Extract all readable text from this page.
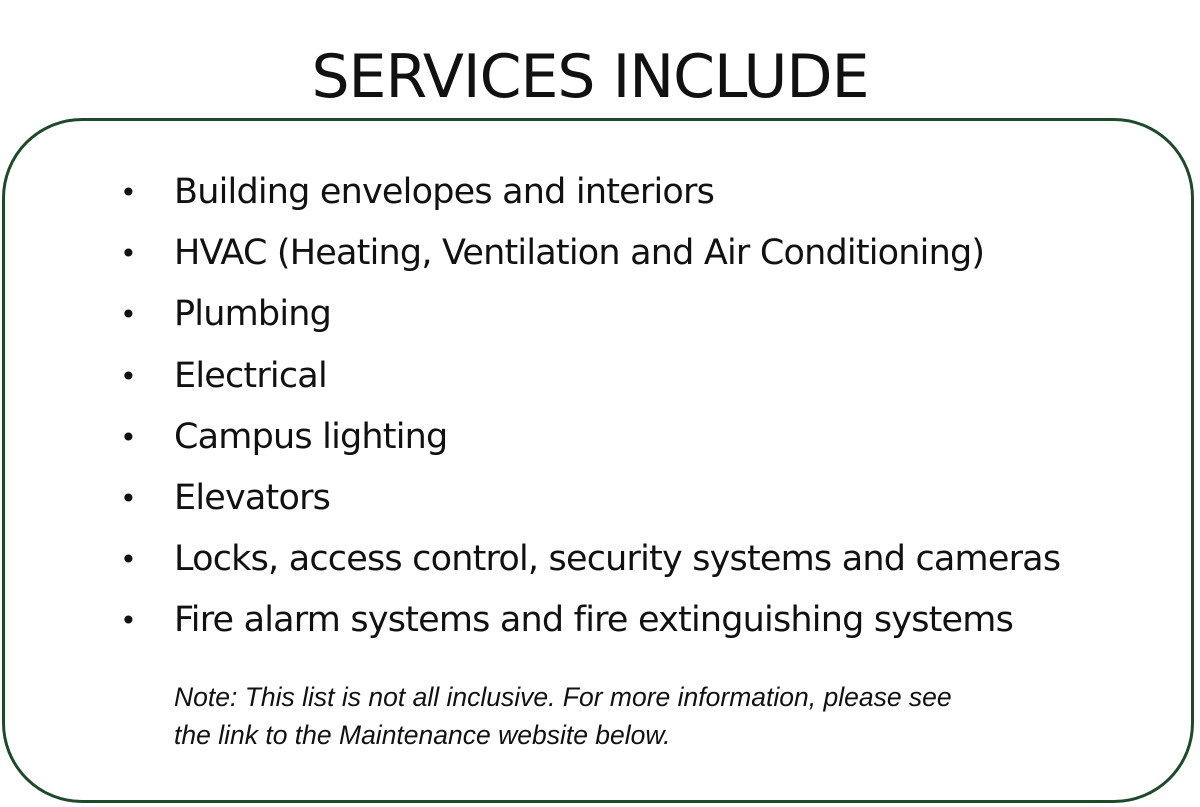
SERVICES INCLUDE
• Building envelopes and interiors
• HVAC (Heating, Ventilation and Air Conditioning)
• Plumbing
• Electrical
• Campus lighting
• Elevators
• Locks, access control, security systems and cameras
• Fire alarm systems and fire extinguishing systems

Note: This list is not all inclusive. For more information, please see
the link to the Maintenance website below.
